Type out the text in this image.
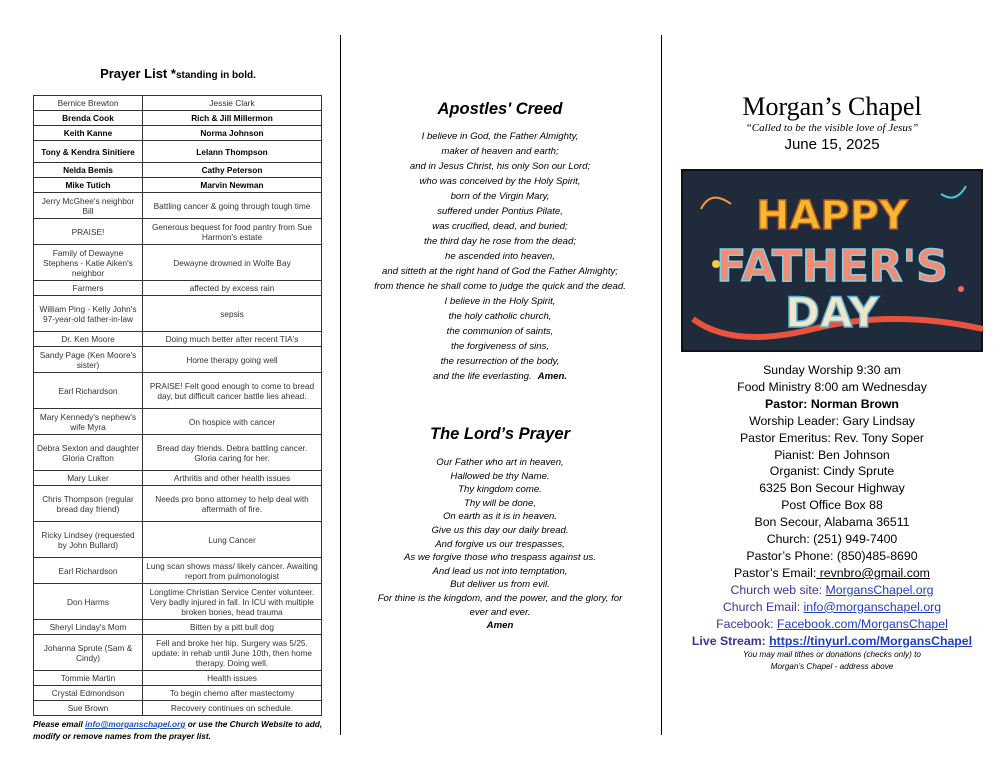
Prayer List *standing in bold.
Bernice Brewton	Jessie Clark
Brenda Cook	Rich & Jill Millermon
Keith Kanne	Norma Johnson
Tony & Kendra Sinitiere	Lelann Thompson
Nelda Bemis	Cathy Peterson
Mike Tutich	Marvin Newman
Jerry McGhee's neighbor Bill	Battling cancer & going through tough time
PRAISE!	Generous bequest for food pantry from Sue Harmon's estate
Family of Dewayne Stephens - Katie Aiken's neighbor	Dewayne drowned in Wolfe Bay
Farmers	affected by excess rain
William Ping - Kelly John's 97-year-old father-in-law	sepsis
Dr. Ken Moore	Doing much better after recent TIA's
Sandy Page (Ken Moore's sister)	Home therapy going well
Earl Richardson	PRAISE! Felt good enough to come to bread day, but difficult cancer battle lies ahead.
Mary Kennedy's nephew's wife Myra	On hospice with cancer
Debra Sexton and daughter Gloria Crafton	Bread day friends. Debra battling cancer. Gloria caring for her.
Mary Luker	Arthritis and other health issues
Chris Thompson (regular bread day friend)	Needs pro bono attorney to help deal with aftermath of fire.
Ricky Lindsey (requested by John Bullard)	Lung Cancer
Earl Richardson	Lung scan shows mass/ likely cancer. Awaiting report from pulmonologist
Don Harms	Longtime Christian Service Center volunteer. Very badly injured in fall. In ICU with multiple broken bones, head trauma
Sheryl Linday's Mom	Bitten by a pitt bull dog
Johanna Sprute (Sam & Cindy)	Fell and broke her hip. Surgery was 5/25. update: in rehab until June 10th, then home therapy. Doing well.
Tommie Martin	Health issues
Crystal Edmondson	To begin chemo after mastectomy
Sue Brown	Recovery continues on schedule.
Please email info@morganschapel.org or use the Church Website to add, modify or remove names from the prayer list.
Apostles' Creed
I believe in God, the Father Almighty,
maker of heaven and earth;
and in Jesus Christ, his only Son our Lord;
who was conceived by the Holy Spirit,
born of the Virgin Mary,
suffered under Pontius Pilate,
was crucified, dead, and buried;
the third day he rose from the dead;
he ascended into heaven,
and sitteth at the right hand of God the Father Almighty;
from thence he shall come to judge the quick and the dead.
I believe in the Holy Spirit,
the holy catholic church,
the communion of saints,
the forgiveness of sins,
the resurrection of the body,
and the life everlasting. Amen.
The Lord’s Prayer
Our Father who art in heaven,
Hallowed be thy Name.
Thy kingdom come.
Thy will be done,
On earth as it is in heaven.
Give us this day our daily bread.
And forgive us our trespasses,
As we forgive those who trespass against us.
And lead us not into temptation,
But deliver us from evil.
For thine is the kingdom, and the power, and the glory, for
ever and ever.
Amen
Morgan’s Chapel
“Called to be the visible love of Jesus”
June 15, 2025
HAPPY
FATHER'S
DAY
Sunday Worship 9:30 am
Food Ministry 8:00 am Wednesday
Pastor: Norman Brown
Worship Leader: Gary Lindsay
Pastor Emeritus: Rev. Tony Soper
Pianist: Ben Johnson
Organist: Cindy Sprute
6325 Bon Secour Highway
Post Office Box 88
Bon Secour, Alabama 36511
Church: (251) 949-7400
Pastor’s Phone: (850)485-8690
Pastor’s Email: revnbro@gmail.com
Church web site: MorgansChapel.org
Church Email: info@morganschapel.org
Facebook: Facebook.com/MorgansChapel
Live Stream: https://tinyurl.com/MorgansChapel
You may mail tithes or donations (checks only) to
Morgan’s Chapel - address above
